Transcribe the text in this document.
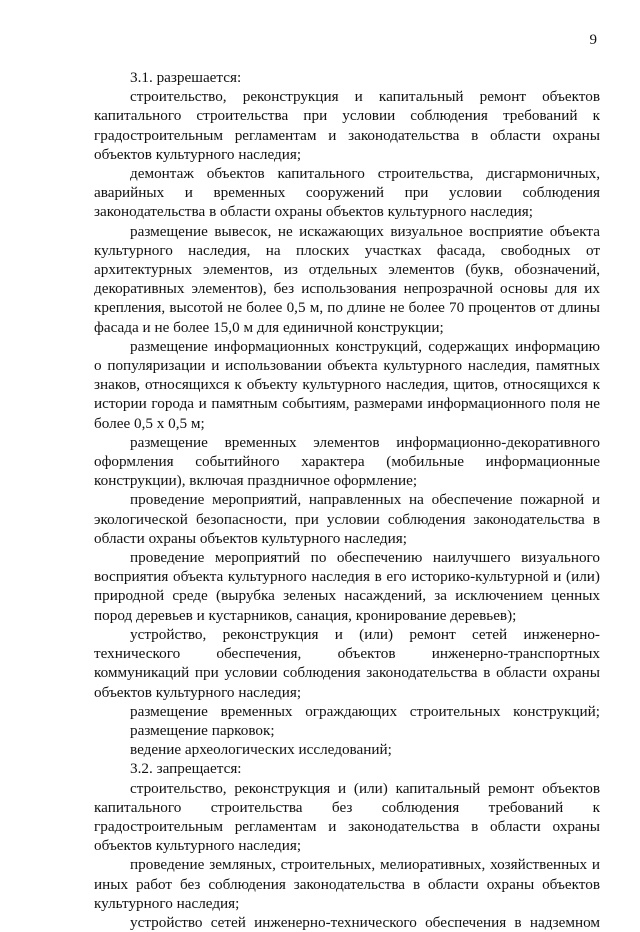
9

3.1. разрешается:

строительство, реконструкция и капитальный ремонт объектов капитального строительства при условии соблюдения требований к градостроительным регламентам и законодательства в области охраны объектов культурного наследия;

демонтаж объектов капитального строительства, дисгармоничных, аварийных и временных сооружений при условии соблюдения законодательства в области охраны объектов культурного наследия;

размещение вывесок, не искажающих визуальное восприятие объекта культурного наследия, на плоских участках фасада, свободных от архитектурных элементов, из отдельных элементов (букв, обозначений, декоративных элементов), без использования непрозрачной основы для их крепления, высотой не более 0,5 м, по длине не более 70 процентов от длины фасада и не более 15,0 м для единичной конструкции;

размещение информационных конструкций, содержащих информацию о популяризации и использовании объекта культурного наследия, памятных знаков, относящихся к объекту культурного наследия, щитов, относящихся к истории города и памятным событиям, размерами информационного поля не более 0,5 х 0,5 м;

размещение временных элементов информационно-декоративного оформления событийного характера (мобильные информационные конструкции), включая праздничное оформление;

проведение мероприятий, направленных на обеспечение пожарной и экологической безопасности, при условии соблюдения законодательства в области охраны объектов культурного наследия;

проведение мероприятий по обеспечению наилучшего визуального восприятия объекта культурного наследия в его историко-культурной и (или) природной среде (вырубка зеленых насаждений, за исключением ценных пород деревьев и кустарников, санация, кронирование деревьев);

устройство, реконструкция и (или) ремонт сетей инженерно-технического обеспечения, объектов инженерно-транспортных коммуникаций при условии соблюдения законодательства в области охраны объектов культурного наследия;

размещение временных ограждающих строительных конструкций;

размещение парковок;

ведение археологических исследований;

3.2. запрещается:

строительство, реконструкция и (или) капитальный ремонт объектов капитального строительства без соблюдения требований к градостроительным регламентам и законодательства в области охраны объектов культурного наследия;

проведение земляных, строительных, мелиоративных, хозяйственных и иных работ без соблюдения законодательства в области охраны объектов культурного наследия;

устройство сетей инженерно-технического обеспечения в надземном
